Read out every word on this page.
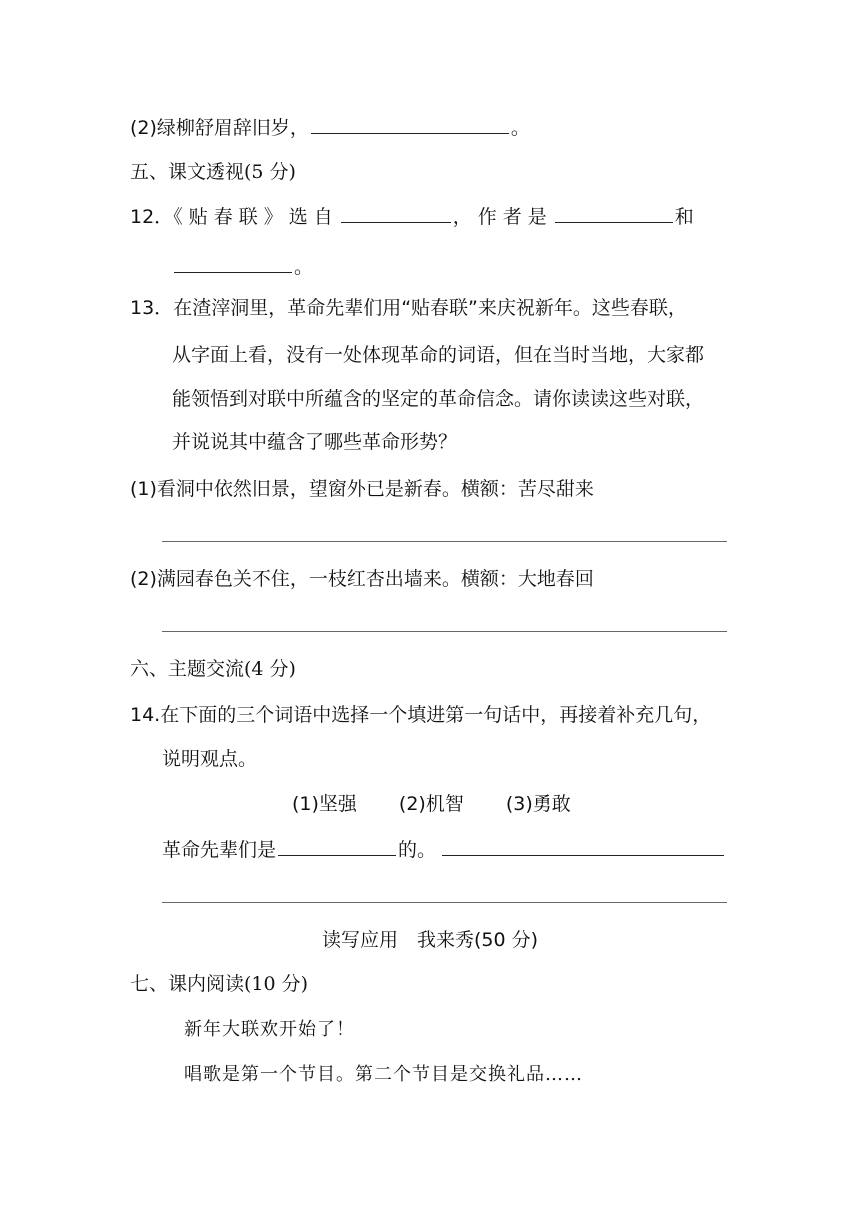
(2)绿柳舒眉辞旧岁，	。
五、课文透视(5 分)
12．《贴春联》选自	，作者是	和
。
13．在渣滓洞里，革命先辈们用“贴春联”来庆祝新年。这些春联，
从字面上看，没有一处体现革命的词语，但在当时当地，大家都
能领悟到对联中所蕴含的坚定的革命信念。请你读读这些对联，
并说说其中蕴含了哪些革命形势？
(1)看洞中依然旧景，望窗外已是新春。横额：苦尽甜来
(2)满园春色关不住，一枝红杏出墙来。横额：大地春回
六、主题交流(4 分)
14.在下面的三个词语中选择一个填进第一句话中，再接着补充几句，
说明观点。
(1)坚强 (2)机智 (3)勇敢
革命先辈们是	的。
读写应用　我来秀(50 分)
七、课内阅读(10 分)
新年大联欢开始了！
唱歌是第一个节目。第二个节目是交换礼品……
